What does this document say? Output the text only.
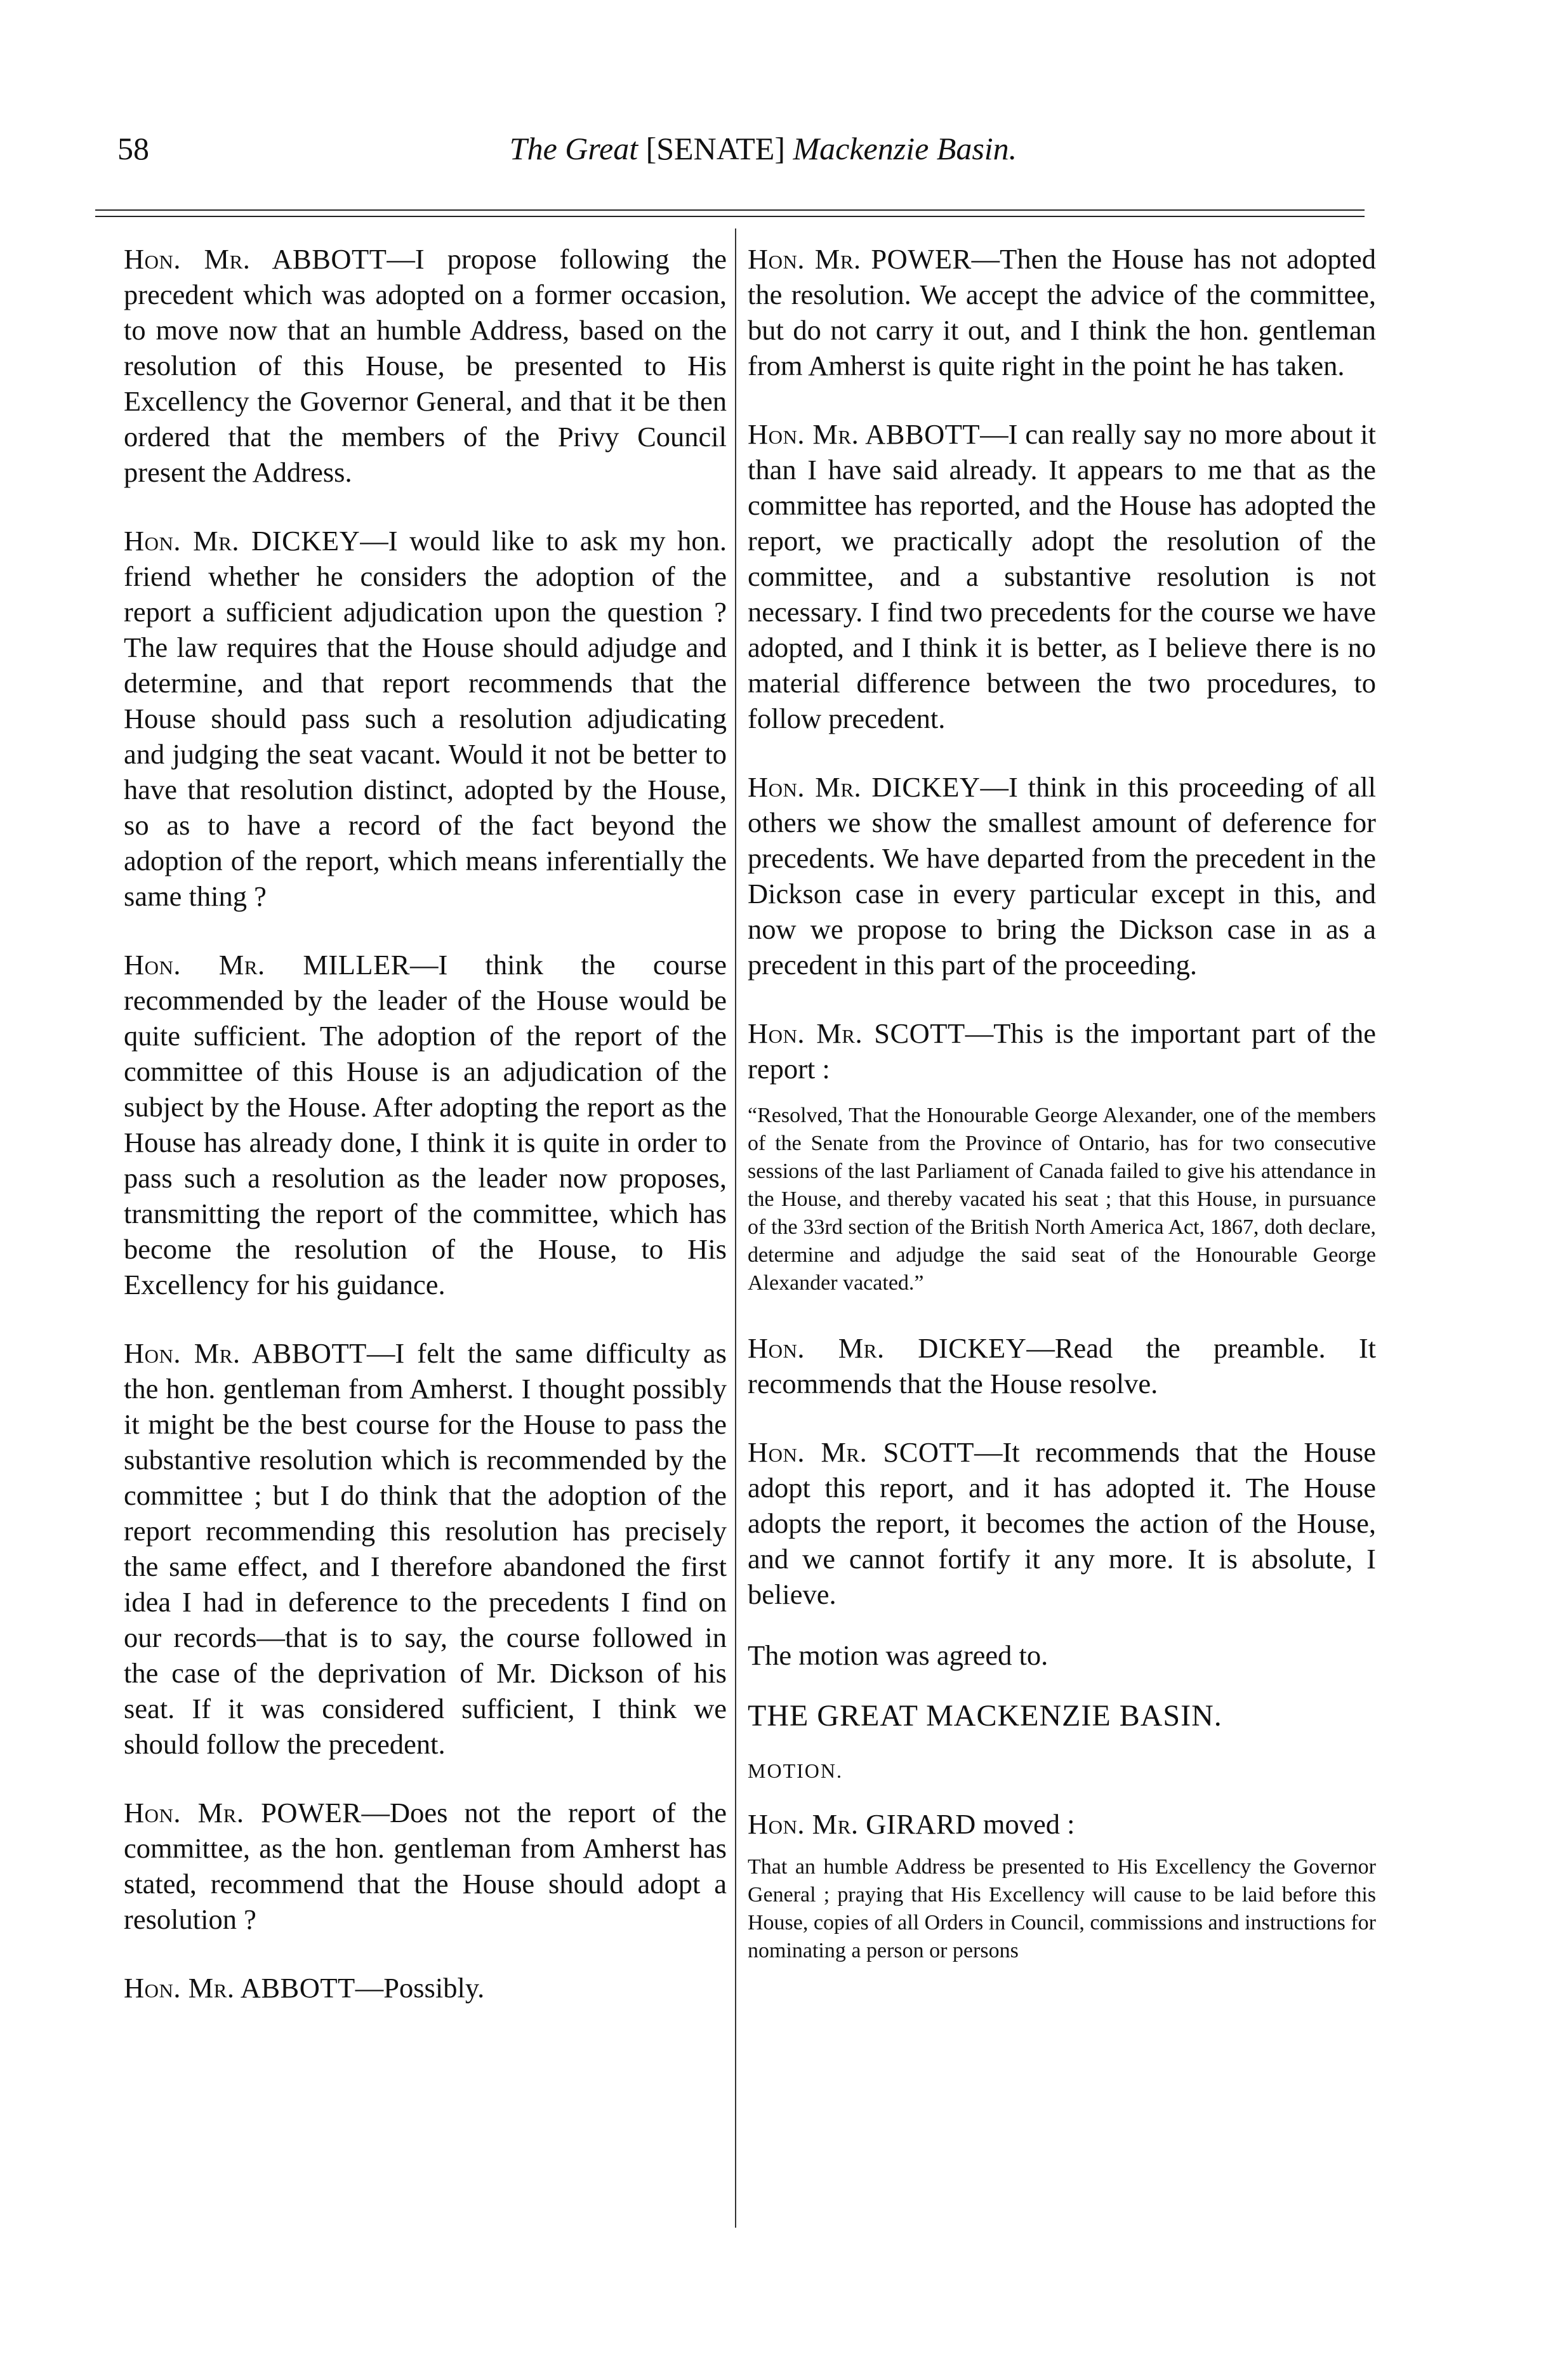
58	The Great [SENATE] Mackenzie Basin.

Hon. Mr. ABBOTT—I propose following the precedent which was adopted on a former occasion, to move now that an humble Address, based on the resolution of this House, be presented to His Excellency the Governor General, and that it be then ordered that the members of the Privy Council present the Address.

Hon. Mr. DICKEY—I would like to ask my hon. friend whether he considers the adoption of the report a sufficient adjudication upon the question ? The law requires that the House should adjudge and determine, and that report recommends that the House should pass such a resolution adjudicating and judging the seat vacant. Would it not be better to have that resolution distinct, adopted by the House, so as to have a record of the fact beyond the adoption of the report, which means inferentially the same thing ?

Hon. Mr. MILLER—I think the course recommended by the leader of the House would be quite sufficient. The adoption of the report of the committee of this House is an adjudication of the subject by the House. After adopting the report as the House has already done, I think it is quite in order to pass such a resolution as the leader now proposes, transmitting the report of the committee, which has become the resolution of the House, to His Excellency for his guidance.

Hon. Mr. ABBOTT—I felt the same difficulty as the hon. gentleman from Amherst. I thought possibly it might be the best course for the House to pass the substantive resolution which is recommended by the committee ; but I do think that the adoption of the report recommending this resolution has precisely the same effect, and I therefore abandoned the first idea I had in deference to the precedents I find on our records—that is to say, the course followed in the case of the deprivation of Mr. Dickson of his seat. If it was considered sufficient, I think we should follow the precedent.

Hon. Mr. POWER—Does not the report of the committee, as the hon. gentleman from Amherst has stated, recommend that the House should adopt a resolution ?

Hon. Mr. ABBOTT—Possibly.

Hon. Mr. POWER—Then the House has not adopted the resolution. We accept the advice of the committee, but do not carry it out, and I think the hon. gentleman from Amherst is quite right in the point he has taken.

Hon. Mr. ABBOTT—I can really say no more about it than I have said already. It appears to me that as the committee has reported, and the House has adopted the report, we practically adopt the resolution of the committee, and a substantive resolution is not necessary. I find two precedents for the course we have adopted, and I think it is better, as I believe there is no material difference between the two procedures, to follow precedent.

Hon. Mr. DICKEY—I think in this proceeding of all others we show the smallest amount of deference for precedents. We have departed from the precedent in the Dickson case in every particular except in this, and now we propose to bring the Dickson case in as a precedent in this part of the proceeding.

Hon. Mr. SCOTT—This is the important part of the report :

“Resolved, That the Honourable George Alexander, one of the members of the Senate from the Province of Ontario, has for two consecutive sessions of the last Parliament of Canada failed to give his attendance in the House, and thereby vacated his seat ; that this House, in pursuance of the 33rd section of the British North America Act, 1867, doth declare, determine and adjudge the said seat of the Honourable George Alexander vacated.”

Hon. Mr. DICKEY—Read the preamble. It recommends that the House resolve.

Hon. Mr. SCOTT—It recommends that the House adopt this report, and it has adopted it. The House adopts the report, it becomes the action of the House, and we cannot fortify it any more. It is absolute, I believe.

The motion was agreed to.

THE GREAT MACKENZIE BASIN.

MOTION.

Hon. Mr. GIRARD moved :

That an humble Address be presented to His Excellency the Governor General ; praying that His Excellency will cause to be laid before this House, copies of all Orders in Council, commissions and instructions for nominating a person or persons
